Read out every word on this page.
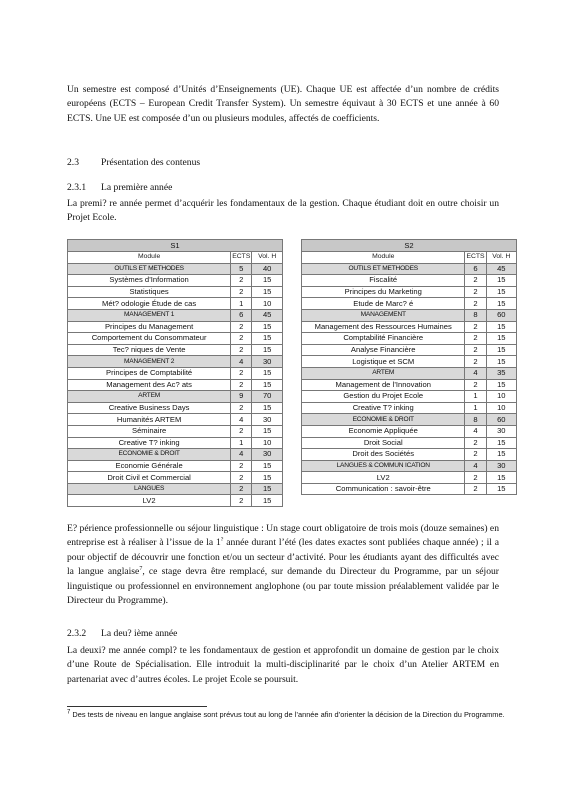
Un semestre est composé d’Unités d’Enseignements (UE). Chaque UE est affectée d’un nombre de crédits européens (ECTS – European Credit Transfer System). Un semestre équivaut à 30 ECTS et une année à 60 ECTS. Une UE est composée d’un ou plusieurs modules, affectés de coefficients.

2.3 Présentation des contenus
2.3.1 La première année

La premi? re année permet d’acquérir les fondamentaux de la gestion. Chaque étudiant doit en outre choisir un Projet Ecole.

S1		
Module	ECTS	Vol. H
OUTILS ET METHODES	5	40
Systèmes d’Information	2	15
Statistiques	2	15
Mét? odologie Étude de cas	1	10
MANAGEMENT 1	6	45
Principes du Management	2	15
Comportement du Consommateur	2	15
Tec? niques de Vente	2	15
MANAGEMENT 2	4	30
Principes de Comptabilité	2	15
Management des Ac? ats	2	15
ARTEM	9	70
Creative Business Days	2	15
Humanités ARTEM	4	30
Séminaire	2	15
Creative T? inking	1	10
ECONOMIE & DROIT	4	30
Economie Générale	2	15
Droit Civil et Commercial	2	15
LANGUES	2	15
LV2	2	15
S2		
Module	ECTS	Vol. H
OUTILS ET METHODES	6	45
Fiscalité	2	15
Principes du Marketing	2	15
Etude de Marc? é	2	15
MANAGEMENT	8	60
Management des Ressources Humaines	2	15
Comptabilité Financière	2	15
Analyse Financière	2	15
Logistique et SCM	2	15
ARTEM	4	35
Management de l’Innovation	2	15
Gestion du Projet Ecole	1	10
Creative T? inking	1	10
ECONOMIE & DROIT	8	60
Economie Appliquée	4	30
Droit Social	2	15
Droit des Sociétés	2	15
LANGUES & COMMUN ICATION	4	30
LV2	2	15
Communication : savoir-être	2	15

E? périence professionnelle ou séjour linguistique : Un stage court obligatoire de trois mois (douze semaines) en entreprise est à réaliser à l’issue de la 1? année durant l’été (les dates exactes sont publiées chaque année) ; il a pour objectif de découvrir une fonction et/ou un secteur d’activité. Pour les étudiants ayant des difficultés avec la langue anglaise$^7$, ce stage devra être remplacé, sur demande du Directeur du Programme, par un séjour linguistique ou professionnel en environnement anglophone (ou par toute mission préalablement validée par le Directeur du Programme).

2.3.2 La deu? ième année

La deuxi? me année compl? te les fondamentaux de gestion et approfondit un domaine de gestion par le choix d’une Route de Spécialisation. Elle introduit la multi-disciplinarité par le choix d’un Atelier ARTEM en partenariat avec d’autres écoles. Le projet Ecole se poursuit.

$^7$ Des tests de niveau en langue anglaise sont prévus tout au long de l’année afin d’orienter la décision de la Direction du Programme.
